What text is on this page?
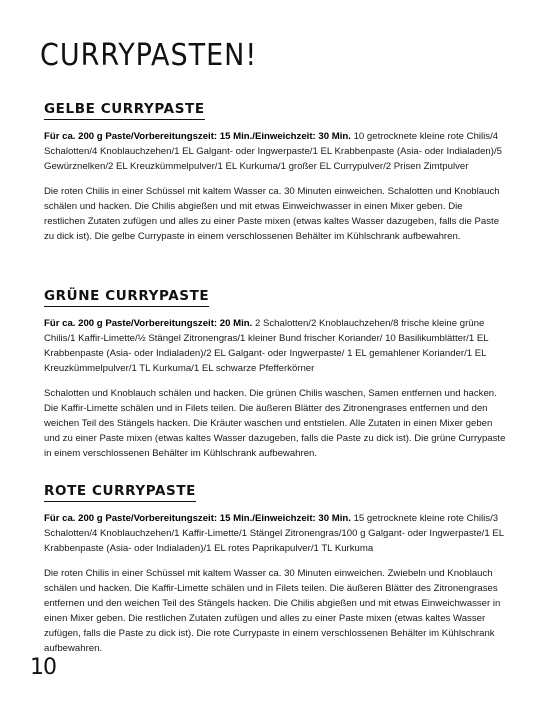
CURRYPASTEN!
GELBE CURRYPASTE

Für ca. 200 g Paste/Vorbereitungszeit: 15 Min./Einweichzeit: 30 Min. 10 getrocknete kleine rote Chilis/4 Schalotten/4 Knoblauchzehen/1 EL Galgant- oder Ingwerpaste/1 EL Krabbenpaste (Asia- oder Indialaden)/5 Gewürznelken/2 EL Kreuzkümmelpulver/1 EL Kurkuma/1 großer EL Currypulver/2 Prisen Zimtpulver

Die roten Chilis in einer Schüssel mit kaltem Wasser ca. 30 Minuten einweichen. Schalotten und Knoblauch schälen und hacken. Die Chilis abgießen und mit etwas Einweichwasser in einen Mixer geben. Die restlichen Zutaten zufügen und alles zu einer Paste mixen (etwas kaltes Wasser dazugeben, falls die Paste zu dick ist). Die gelbe Currypaste in einem verschlossenen Behälter im Kühlschrank aufbewahren.

GRÜNE CURRYPASTE

Für ca. 200 g Paste/Vorbereitungszeit: 20 Min. 2 Schalotten/2 Knoblauchzehen/8 frische kleine grüne Chilis/1 Kaffir-Limette/½ Stängel Zitronengras/1 kleiner Bund frischer Koriander/ 10 Basilikumblätter/1 EL Krabbenpaste (Asia- oder Indialaden)/2 EL Galgant- oder Ingwerpaste/ 1 EL gemahlener Koriander/1 EL Kreuzkümmelpulver/1 TL Kurkuma/1 EL schwarze Pfefferkörner

Schalotten und Knoblauch schälen und hacken. Die grünen Chilis waschen, Samen entfernen und hacken. Die Kaffir-Limette schälen und in Filets teilen. Die äußeren Blätter des Zitronengrases entfernen und den weichen Teil des Stängels hacken. Die Kräuter waschen und entstielen. Alle Zutaten in einen Mixer geben und zu einer Paste mixen (etwas kaltes Wasser dazugeben, falls die Paste zu dick ist). Die grüne Currypaste in einem verschlossenen Behälter im Kühlschrank aufbewahren.

ROTE CURRYPASTE

Für ca. 200 g Paste/Vorbereitungszeit: 15 Min./Einweichzeit: 30 Min. 15 getrocknete kleine rote Chilis/3 Schalotten/4 Knoblauchzehen/1 Kaffir-Limette/1 Stängel Zitronengras/100 g Galgant- oder Ingwerpaste/1 EL Krabbenpaste (Asia- oder Indialaden)/1 EL rotes Paprikapulver/1 TL Kurkuma

Die roten Chilis in einer Schüssel mit kaltem Wasser ca. 30 Minuten einweichen. Zwiebeln und Knoblauch schälen und hacken. Die Kaffir-Limette schälen und in Filets teilen. Die äußeren Blätter des Zitronengrases entfernen und den weichen Teil des Stängels hacken. Die Chilis abgießen und mit etwas Einweichwasser in einen Mixer geben. Die restlichen Zutaten zufügen und alles zu einer Paste mixen (etwas kaltes Wasser zufügen, falls die Paste zu dick ist). Die rote Currypaste in einem verschlossenen Behälter im Kühlschrank aufbewahren.

10
